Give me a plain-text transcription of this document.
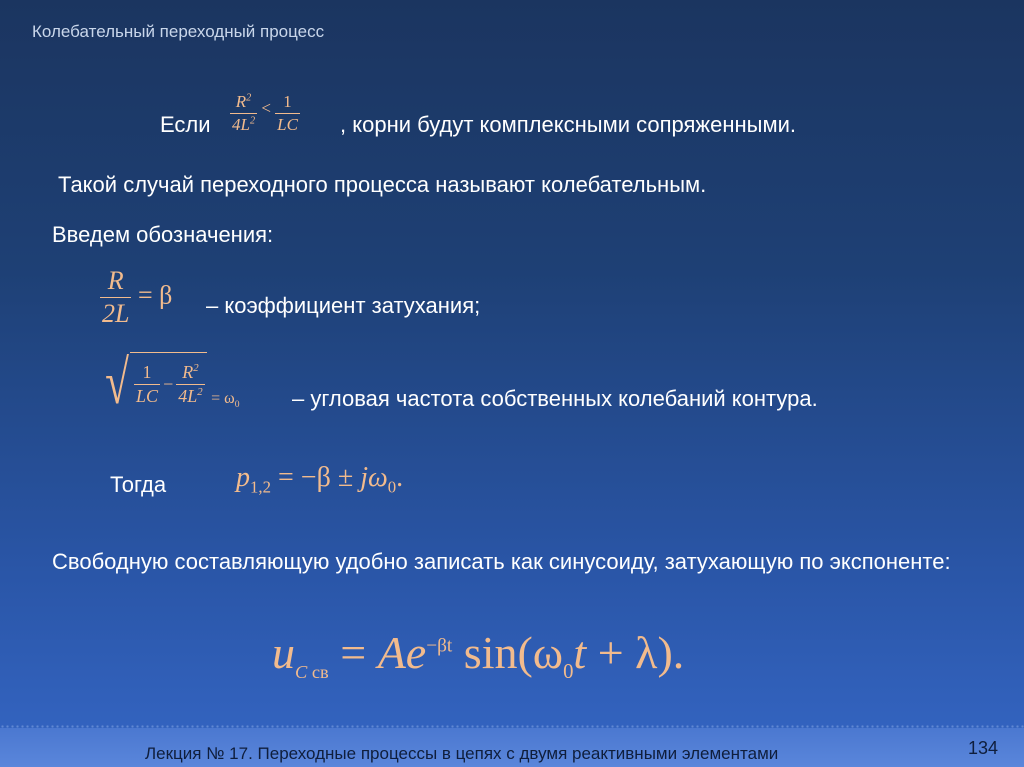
Колебательный переходный процесс
Если $\frac{R^2}{4L^2} < \frac{1}{LC}$ , корни будут комплексными сопряженными.
Такой случай переходного процесса называют колебательным.
Введем обозначения:
$\frac{R}{2L} = \beta$ – коэффициент затухания;
√ $\frac{1}{LC} - \frac{R^2}{4L^2} = \omega_0$ – угловая частота собственных колебаний контура.
Тогда $p_{1,2} = -\beta \pm j\omega_0$.
Свободную составляющую удобно записать как синусоиду, затухающую по экспоненте:
$u_{C св} = Ae^{-\beta t}$ $\sin(\omega_0t + \lambda)$.
Лекция № 17. Переходные процессы в цепях с двумя реактивными элементами	134
